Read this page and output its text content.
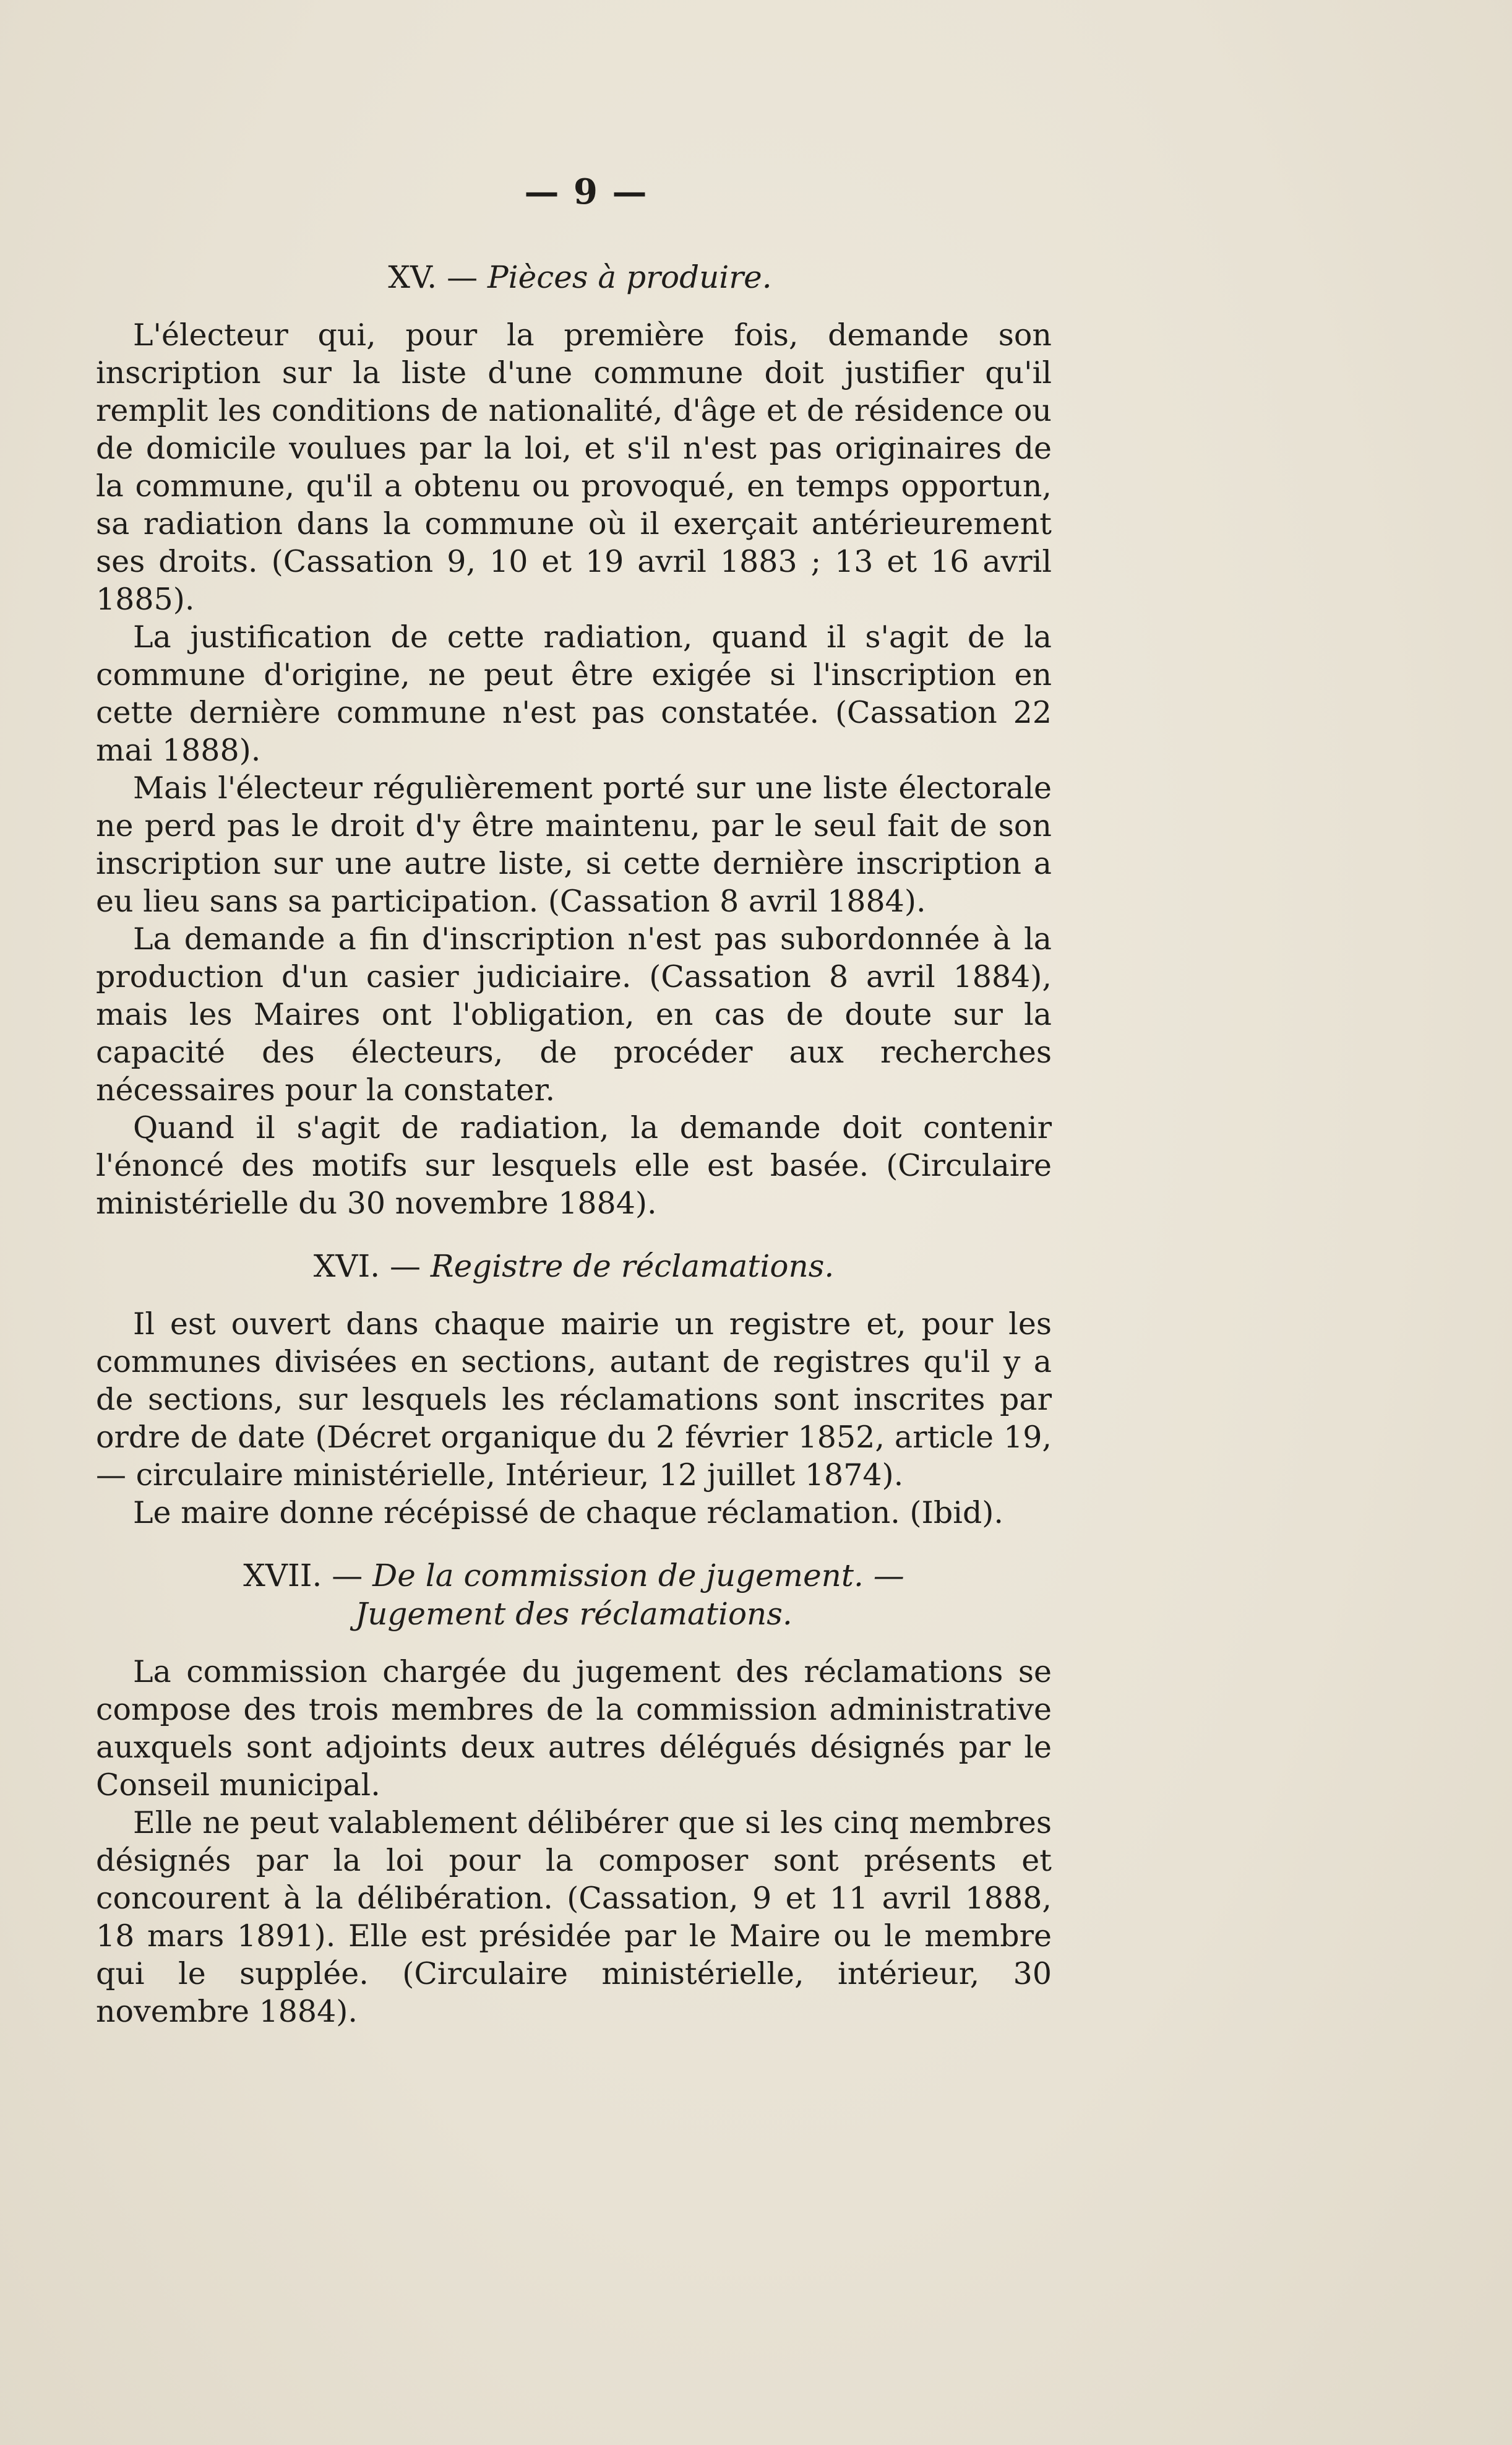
— 9 —
XV. — Pièces à produire.

L'électeur qui, pour la première fois, demande son inscription sur la liste d'une commune doit justifier qu'il remplit les conditions de nationalité, d'âge et de résidence ou de domicile voulues par la loi, et s'il n'est pas originaires de la commune, qu'il a obtenu ou provoqué, en temps opportun, sa radiation dans la commune où il exerçait antérieurement ses droits. (Cassation 9, 10 et 19 avril 1883 ; 13 et 16 avril 1885).

La justification de cette radiation, quand il s'agit de la commune d'origine, ne peut être exigée si l'inscription en cette dernière commune n'est pas constatée. (Cassation 22 mai 1888).

Mais l'électeur régulièrement porté sur une liste électorale ne perd pas le droit d'y être maintenu, par le seul fait de son inscription sur une autre liste, si cette dernière inscription a eu lieu sans sa participation. (Cassation 8 avril 1884).

La demande a fin d'inscription n'est pas subordonnée à la production d'un casier judiciaire. (Cassation 8 avril 1884), mais les Maires ont l'obligation, en cas de doute sur la capacité des électeurs, de procéder aux recherches nécessaires pour la constater.

Quand il s'agit de radiation, la demande doit contenir l'énoncé des motifs sur lesquels elle est basée. (Circulaire ministérielle du 30 novembre 1884).

XVI. — Registre de réclamations.

Il est ouvert dans chaque mairie un registre et, pour les communes divisées en sections, autant de registres qu'il y a de sections, sur lesquels les réclamations sont inscrites par ordre de date (Décret organique du 2 février 1852, article 19,— circulaire ministérielle, Intérieur, 12 juillet 1874).

Le maire donne récépissé de chaque réclamation. (Ibid).

XVII. — De la commission de jugement. —
Jugement des réclamations.

La commission chargée du jugement des réclamations se compose des trois membres de la commission administrative auxquels sont adjoints deux autres délégués désignés par le Conseil municipal.

Elle ne peut valablement délibérer que si les cinq membres désignés par la loi pour la composer sont présents et concourent à la délibération. (Cassation, 9 et 11 avril 1888, 18 mars 1891). Elle est présidée par le Maire ou le membre qui le supplée. (Circulaire ministérielle, intérieur, 30 novembre 1884).
